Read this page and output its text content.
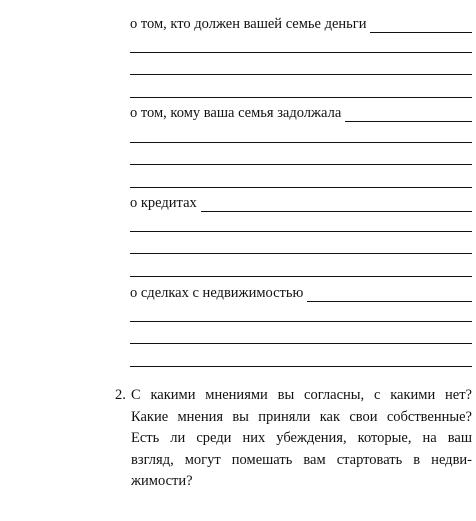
о том, кто должен вашей семье деньги
о том, кому ваша семья задолжала
о кредитах
о сделках с недвижимостью
2. С какими мнениями вы согласны, с какими нет?
Какие мнения вы приняли как свои собственные?
Есть ли среди них убеждения, которые, на ваш
взгляд, могут помешать вам стартовать в недви-
жимости?
